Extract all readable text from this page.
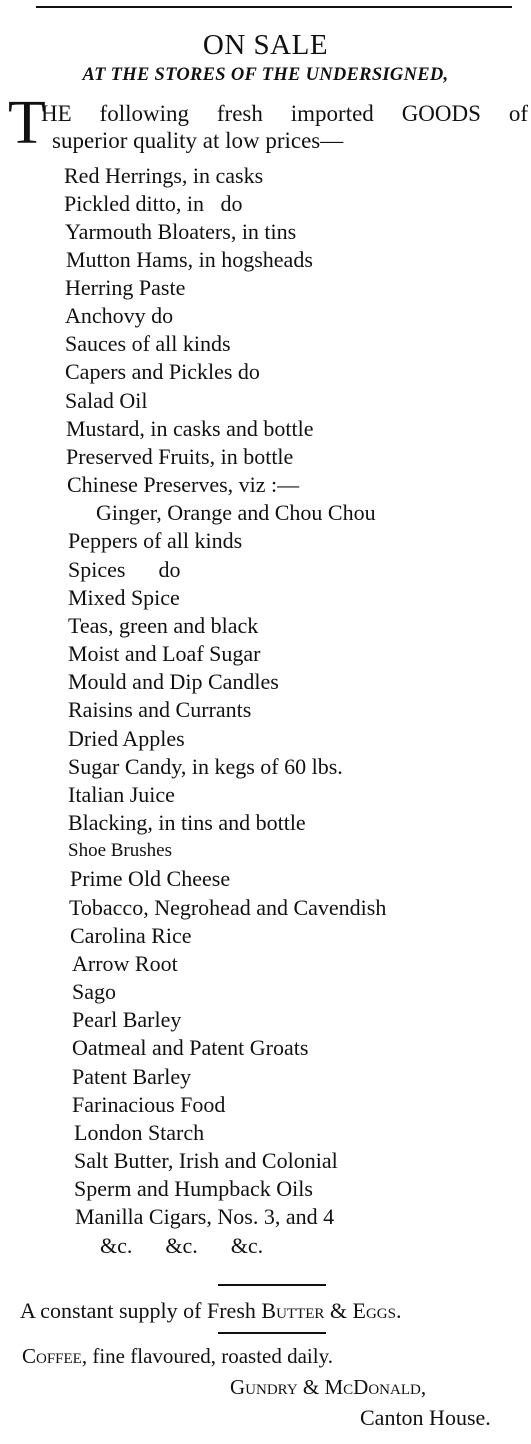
ON SALE
AT THE STORES OF THE UNDERSIGNED,
T
HE following fresh imported GOODS of
superior quality at low prices—
Red Herrings, in casks
Pickled ditto, in   do
Yarmouth Bloaters, in tins
Mutton Hams, in hogsheads
Herring Paste
Anchovy do
Sauces of all kinds
Capers and Pickles do
Salad Oil
Mustard, in casks and bottle
Preserved Fruits, in bottle
Chinese Preserves, viz :—
Ginger, Orange and Chou Chou
Peppers of all kinds
Spices      do
Mixed Spice
Teas, green and black
Moist and Loaf Sugar
Mould and Dip Candles
Raisins and Currants
Dried Apples
Sugar Candy, in kegs of 60 lbs.
Italian Juice
Blacking, in tins and bottle
Shoe Brushes
Prime Old Cheese
Tobacco, Negrohead and Cavendish
Carolina Rice
Arrow Root
Sago
Pearl Barley
Oatmeal and Patent Groats
Patent Barley
Farinacious Food
London Starch
Salt Butter, Irish and Colonial
Sperm and Humpback Oils
Manilla Cigars, Nos. 3, and 4
&c.      &c.      &c.
A constant supply of Fresh Butter & Eggs.
Coffee, fine flavoured, roasted daily.
Gundry & McDonald,
Canton House.
